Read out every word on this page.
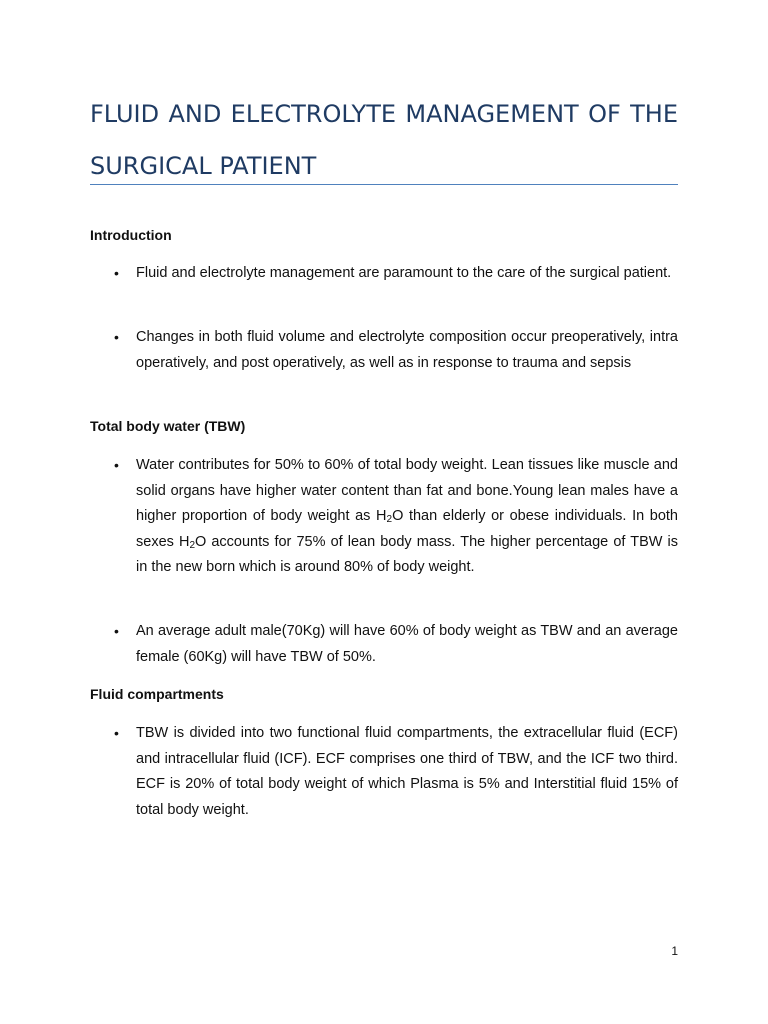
FLUID AND ELECTROLYTE MANAGEMENT OF THE SURGICAL PATIENT
Introduction
• Fluid and electrolyte management are paramount to the care of the surgical patient.

• Changes in both fluid volume and electrolyte composition occur preoperatively, intra operatively, and post operatively, as well as in response to trauma and sepsis

Total body water (TBW)
• Water contributes for 50% to 60% of total body weight. Lean tissues like muscle and solid organs have higher water content than fat and bone.Young lean males have a higher proportion of body weight as $H_2O$ than elderly or obese individuals. In both sexes $H_2O$ accounts for 75% of lean body mass. The higher percentage of TBW is in the new born which is around 80% of body weight.

• An average adult male(70Kg) will have 60% of body weight as TBW and an average female (60Kg) will have TBW of 50%.

Fluid compartments
• TBW is divided into two functional fluid compartments, the extracellular fluid (ECF) and intracellular fluid (ICF). ECF comprises one third of TBW, and the ICF two third. ECF is 20% of total body weight of which Plasma is 5% and Interstitial fluid 15% of total body weight.

1
